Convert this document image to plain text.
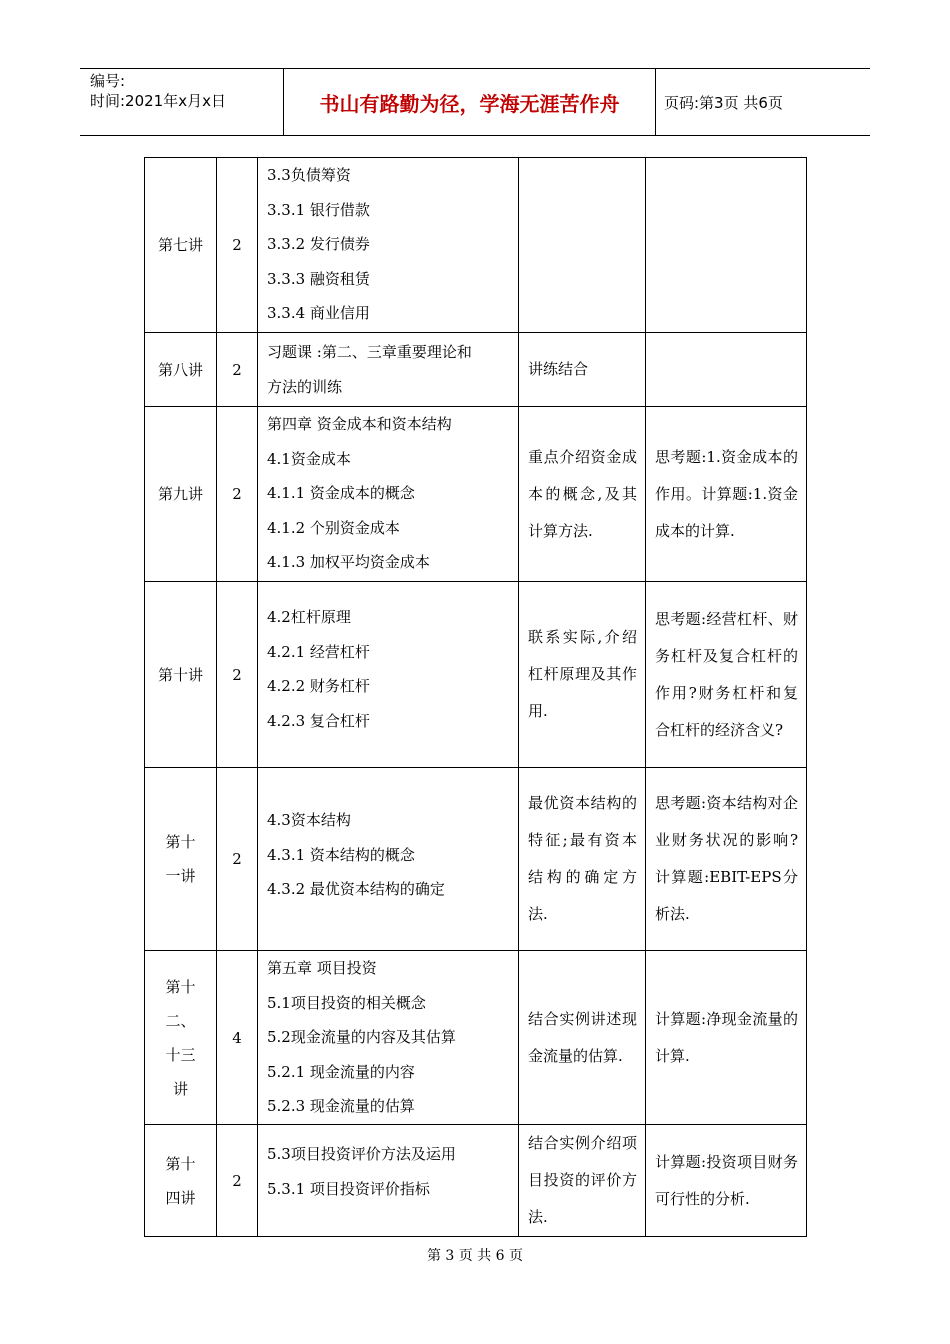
编号:
时间:2021年x月x日	书山有路勤为径，学海无涯苦作舟	页码:第3页 共6页
第七讲	2	3.3负债筹资
3.3.1 银行借款
3.3.2 发行债券
3.3.3 融资租赁
3.3.4 商业信用		

第八讲	2	习题课 :第二、三章重要理论和
方法的训练	讲练结合	

第九讲	2	第四章 资金成本和资本结构
4.1资金成本
4.1.1 资金成本的概念
4.1.2 个别资金成本
4.1.3 加权平均资金成本	重点介绍资金成本的概念,及其计算方法.	思考题:1.资金成本的作用。计算题:1.资金成本的计算.

第十讲	2	4.2杠杆原理
4.2.1 经营杠杆
4.2.2 财务杠杆
4.2.3 复合杠杆	联系实际,介绍杠杆原理及其作用.	思考题:经营杠杆、财务杠杆及复合杠杆的作用?财务杠杆和复合杠杆的经济含义?

第十一讲	2	4.3资本结构
4.3.1 资本结构的概念
4.3.2 最优资本结构的确定	最优资本结构的特征;最有资本结构的确定方法.	思考题:资本结构对企业财务状况的影响?计算题:EBIT-EPS分析法.

第十二、十三讲	4	第五章 项目投资
5.1项目投资的相关概念
5.2现金流量的内容及其估算
5.2.1 现金流量的内容
5.2.3 现金流量的估算	结合实例讲述现金流量的估算.	计算题:净现金流量的计算.

第十四讲	2	5.3项目投资评价方法及运用
5.3.1 项目投资评价指标	结合实例介绍项目投资的评价方法.	计算题:投资项目财务可行性的分析.
第 3 页 共 6 页
